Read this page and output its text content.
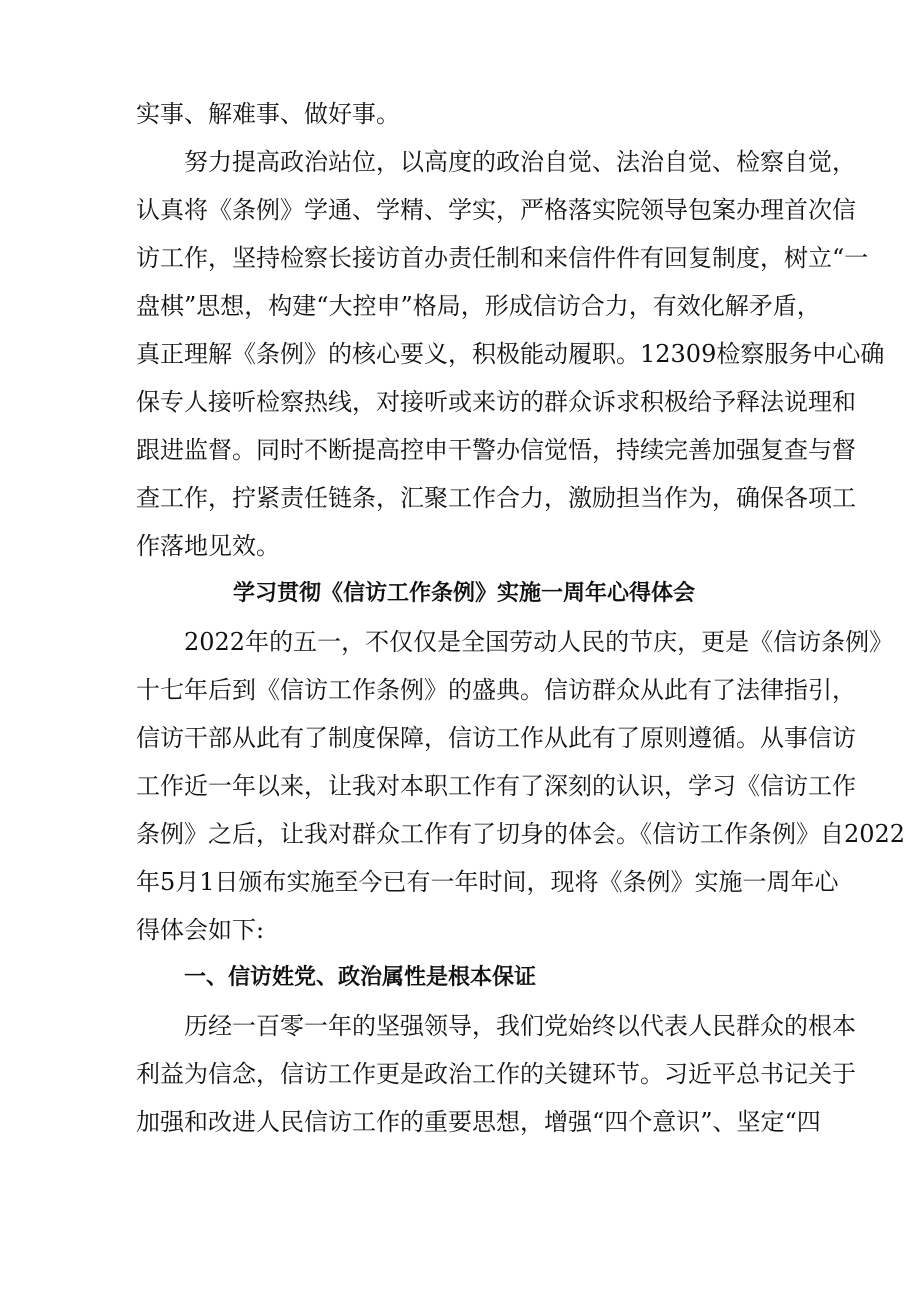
实事、解难事、做好事。
努力提高政治站位，以高度的政治自觉、法治自觉、检察自觉，
认真将《条例》学通、学精、学实，严格落实院领导包案办理首次信
访工作，坚持检察长接访首办责任制和来信件件有回复制度，树立“一
盘棋”思想，构建“大控申”格局，形成信访合力，有效化解矛盾，
真正理解《条例》的核心要义，积极能动履职。12309检察服务中心确
保专人接听检察热线，对接听或来访的群众诉求积极给予释法说理和
跟进监督。同时不断提高控申干警办信觉悟，持续完善加强复查与督
查工作，拧紧责任链条，汇聚工作合力，激励担当作为，确保各项工
作落地见效。
学习贯彻《信访工作条例》实施一周年心得体会
2022年的五一，不仅仅是全国劳动人民的节庆，更是《信访条例》
十七年后到《信访工作条例》的盛典。信访群众从此有了法律指引，
信访干部从此有了制度保障，信访工作从此有了原则遵循。从事信访
工作近一年以来，让我对本职工作有了深刻的认识，学习《信访工作
条例》之后，让我对群众工作有了切身的体会。《信访工作条例》自2022
年5月1日颁布实施至今已有一年时间，现将《条例》实施一周年心
得体会如下:
一、信访姓党、政治属性是根本保证
历经一百零一年的坚强领导，我们党始终以代表人民群众的根本
利益为信念，信访工作更是政治工作的关键环节。习近平总书记关于
加强和改进人民信访工作的重要思想，增强“四个意识”、坚定“四
